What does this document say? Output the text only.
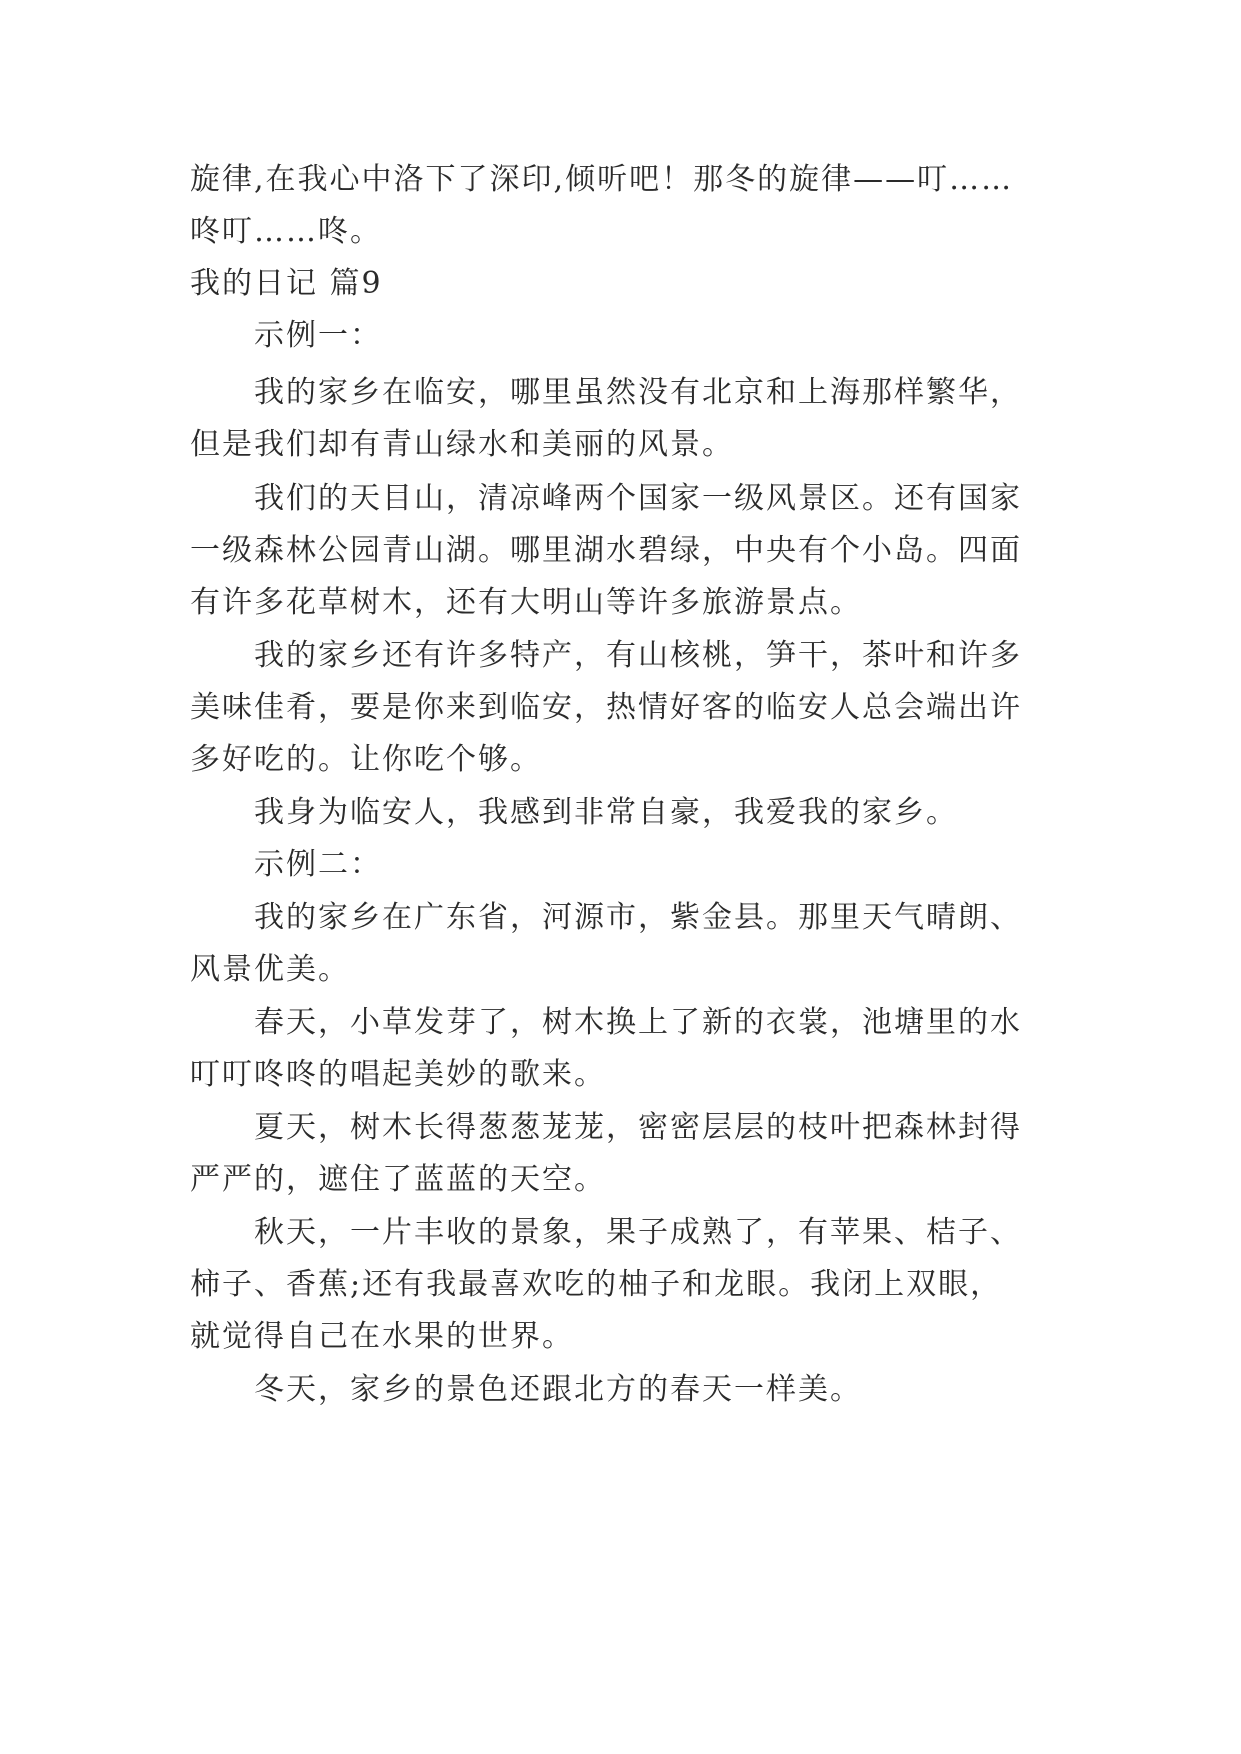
旋律,在我心中洛下了深印,倾听吧！那冬的旋律——叮……
咚叮……咚。
我的日记 篇9
示例一：
我的家乡在临安，哪里虽然没有北京和上海那样繁华，
但是我们却有青山绿水和美丽的风景。
我们的天目山，清凉峰两个国家一级风景区。还有国家
一级森林公园青山湖。哪里湖水碧绿，中央有个小岛。四面
有许多花草树木，还有大明山等许多旅游景点。
我的家乡还有许多特产，有山核桃，笋干，茶叶和许多
美味佳肴，要是你来到临安，热情好客的临安人总会端出许
多好吃的。让你吃个够。
我身为临安人，我感到非常自豪，我爱我的家乡。
示例二：
我的家乡在广东省，河源市，紫金县。那里天气晴朗、
风景优美。
春天，小草发芽了，树木换上了新的衣裳，池塘里的水
叮叮咚咚的唱起美妙的歌来。
夏天，树木长得葱葱茏茏，密密层层的枝叶把森林封得
严严的，遮住了蓝蓝的天空。
秋天，一片丰收的景象，果子成熟了，有苹果、桔子、
柿子、香蕉;还有我最喜欢吃的柚子和龙眼。我闭上双眼，
就觉得自己在水果的世界。
冬天，家乡的景色还跟北方的春天一样美。
